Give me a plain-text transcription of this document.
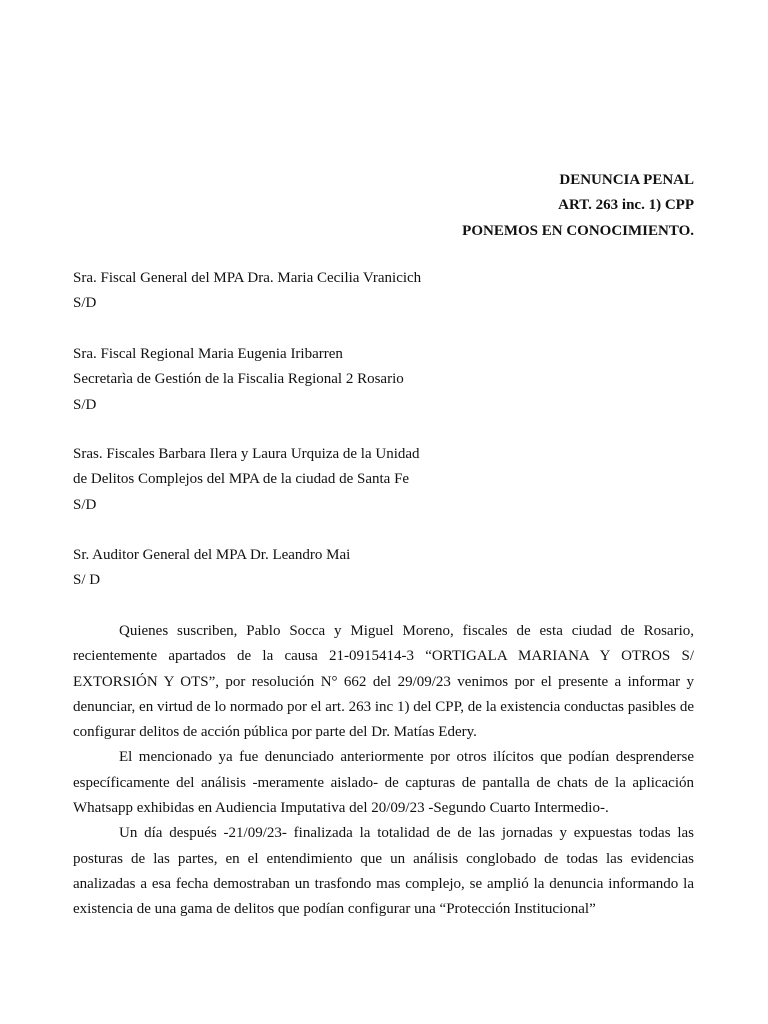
DENUNCIA PENAL
ART. 263 inc. 1) CPP
PONEMOS EN CONOCIMIENTO.
Sra. Fiscal General del MPA Dra. Maria Cecilia Vranicich
S/D
Sra. Fiscal Regional Maria Eugenia Iribarren
Secretarìa de Gestión de la Fiscalia Regional 2 Rosario
S/D
Sras. Fiscales Barbara Ilera y Laura Urquiza de la Unidad
de Delitos Complejos del MPA de la ciudad de Santa Fe
S/D
Sr. Auditor General del MPA Dr. Leandro Mai
S/ D

Quienes suscriben, Pablo Socca y Miguel Moreno, fiscales de esta ciudad de Rosario, recientemente apartados de la causa 21-0915414-3 “ORTIGALA MARIANA Y OTROS S/ EXTORSIÓN Y OTS”, por resolución N° 662 del 29/09/23 venimos por el presente a informar y denunciar, en virtud de lo normado por el art. 263 inc 1) del CPP, de la existencia conductas pasibles de configurar delitos de acción pública por parte del Dr. Matías Edery.

El mencionado ya fue denunciado anteriormente por otros ilícitos que podían desprenderse específicamente del análisis -meramente aislado- de capturas de pantalla de chats de la aplicación Whatsapp exhibidas en Audiencia Imputativa del 20/09/23 -Segundo Cuarto Intermedio-.

Un día después -21/09/23- finalizada la totalidad de de las jornadas y expuestas todas las posturas de las partes, en el entendimiento que un análisis conglobado de todas las evidencias analizadas a esa fecha demostraban un trasfondo mas complejo, se amplió la denuncia informando la existencia de una gama de delitos que podían configurar una “Protección Institucional”
